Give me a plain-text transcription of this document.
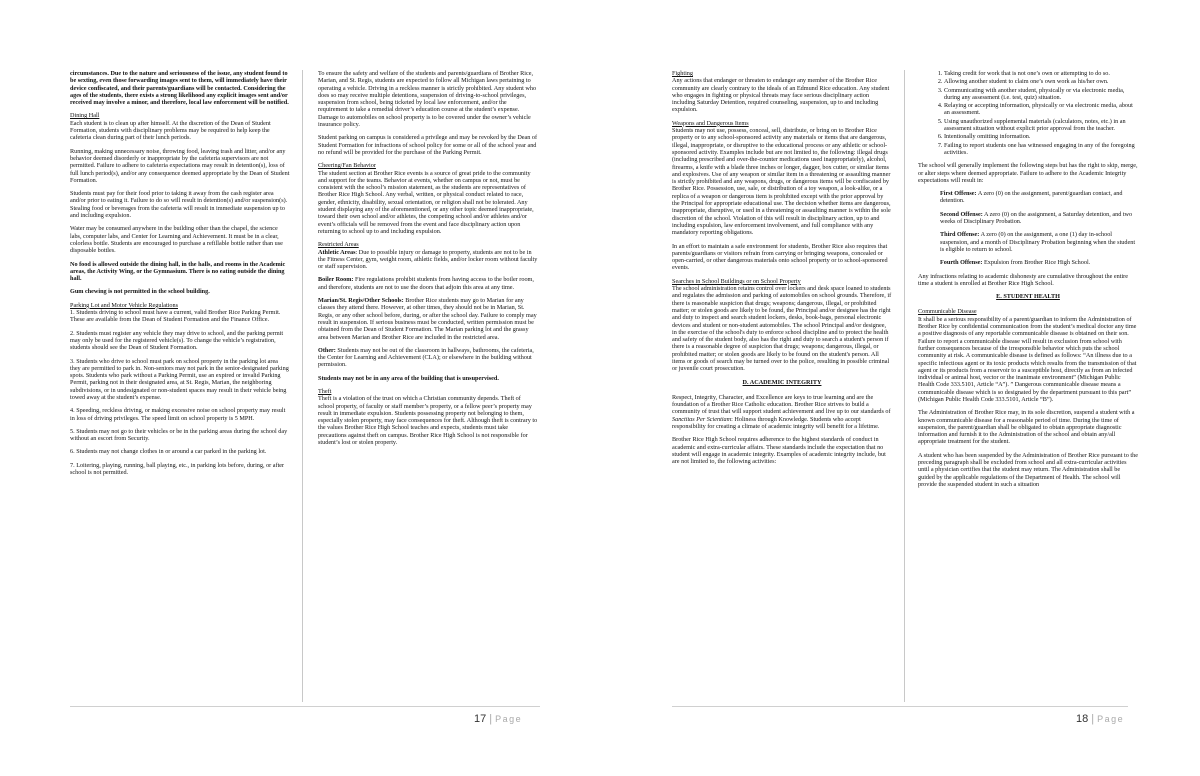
circumstances. Due to the nature and seriousness of the issue, any student found to be sexting, even those forwarding images sent to them, will immediately have their device confiscated, and their parents/guardians will be contacted. Considering the ages of the students, there exists a strong likelihood any explicit images sent and/or received may involve a minor, and therefore, local law enforcement will be notified.

Dining Hall
Each student is to clean up after himself. At the discretion of the Dean of Student Formation, students with disciplinary problems may be required to help keep the cafeteria clean during part of their lunch periods.

Running, making unnecessary noise, throwing food, leaving trash and litter, and/or any behavior deemed disorderly or inappropriate by the cafeteria supervisors are not permitted. Failure to adhere to cafeteria expectations may result in detention(s), loss of full lunch period(s), and/or any consequence deemed appropriate by the Dean of Student Formation.

Students must pay for their food prior to taking it away from the cash register area and/or prior to eating it. Failure to do so will result in detention(s) and/or suspension(s). Stealing food or beverages from the cafeteria will result in immediate suspension up to and including expulsion.

Water may be consumed anywhere in the building other than the chapel, the science labs, computer labs, and Center for Learning and Achievement. It must be in a clear, colorless bottle. Students are encouraged to purchase a refillable bottle rather than use disposable bottles.

No food is allowed outside the dining hall, in the halls, and rooms in the Academic areas, the Activity Wing, or the Gymnasium. There is no eating outside the dining hall.

Gum chewing is not permitted in the school building.

Parking Lot and Motor Vehicle Regulations
1. Students driving to school must have a current, valid Brother Rice Parking Permit. These are available from the Dean of Student Formation and the Finance Office.

2. Students must register any vehicle they may drive to school, and the parking permit may only be used for the registered vehicle(s). To change the vehicle’s registration, students should see the Dean of Student Formation.

3. Students who drive to school must park on school property in the parking lot area they are permitted to park in. Non-seniors may not park in the senior-designated parking spots. Students who park without a Parking Permit, use an expired or invalid Parking Permit, parking not in their designated area, at St. Regis, Marian, the neighboring subdivisions, or in undesignated or non-student spaces may result in their vehicle being towed away at the student’s expense.

4. Speeding, reckless driving, or making excessive noise on school property may result in loss of driving privileges. The speed limit on school property is 5 MPH.

5. Students may not go to their vehicles or be in the parking areas during the school day without an escort from Security.

6. Students may not change clothes in or around a car parked in the parking lot.

7. Loitering, playing, running, ball playing, etc., in parking lots before, during, or after school is not permitted.

To ensure the safety and welfare of the students and parents/guardians of Brother Rice, Marian, and St. Regis, students are expected to follow all Michigan laws pertaining to operating a vehicle. Driving in a reckless manner is strictly prohibited. Any student who does so may receive multiple detentions, suspension of driving-to-school privileges, suspension from school, being ticketed by local law enforcement, and/or the requirement to take a remedial driver’s education course at the student’s expense. Damage to automobiles on school property is to be covered under the owner’s vehicle insurance policy.

Student parking on campus is considered a privilege and may be revoked by the Dean of Student Formation for infractions of school policy for some or all of the school year and no refund will be provided for the purchase of the Parking Permit.

Cheering/Fan Behavior
The student section at Brother Rice events is a source of great pride to the community and support for the teams. Behavior at events, whether on campus or not, must be consistent with the school’s mission statement, as the students are representatives of Brother Rice High School. Any verbal, written, or physical conduct related to race, gender, ethnicity, disability, sexual orientation, or religion shall not be tolerated. Any student displaying any of the aforementioned, or any other topic deemed inappropriate, toward their own school and/or athletes, the competing school and/or athletes and/or event’s officials will be removed from the event and face disciplinary action upon returning to school up to and including expulsion.

Restricted Areas
Athletic Areas: Due to possible injury or damage to property, students are not to be in the Fitness Center, gym, weight room, athletic fields, and/or locker room without faculty or staff supervision.

Boiler Room: Fire regulations prohibit students from having access to the boiler room, and therefore, students are not to use the doors that adjoin this area at any time.

Marian/St. Regis/Other Schools: Brother Rice students may go to Marian for any classes they attend there. However, at other times, they should not be in Marian, St. Regis, or any other school before, during, or after the school day. Failure to comply may result in suspension. If serious business must be conducted, written permission must be obtained from the Dean of Student Formation. The Marian parking lot and the grassy area between Marian and Brother Rice are included in the restricted area.

Other: Students may not be out of the classroom in hallways, bathrooms, the cafeteria, the Center for Learning and Achievement (CLA); or elsewhere in the building without permission.

Students may not be in any area of the building that is unsupervised.

Theft
Theft is a violation of the trust on which a Christian community depends. Theft of school property, of faculty or staff member’s property, or a fellow peer’s property may result in immediate expulsion. Students possessing property not belonging to them, especially stolen property, may face consequences for theft. Although theft is contrary to the values Brother Rice High School teaches and expects, students must take precautions against theft on campus. Brother Rice High School is not responsible for student’s lost or stolen property.

17 | Page

Fighting
Any actions that endanger or threaten to endanger any member of the Brother Rice community are clearly contrary to the ideals of an Edmund Rice education. Any student who engages in fighting or physical threats may face serious disciplinary action including Saturday Detention, required counseling, suspension, up to and including expulsion.

Weapons and Dangerous Items
Students may not use, possess, conceal, sell, distribute, or bring on to Brother Rice property or to any school-sponsored activity any materials or items that are dangerous, illegal, inappropriate, or disruptive to the educational process or any athletic or school-sponsored activity. Examples include but are not limited to, the following: illegal drugs (including prescribed and over-the-counter medications used inappropriately), alcohol, firearms, a knife with a blade three inches or longer, dagger, box cutter, or similar items and explosives. Use of any weapon or similar item in a threatening or assaulting manner is strictly prohibited and any weapons, drugs, or dangerous items will be confiscated by Brother Rice. Possession, use, sale, or distribution of a toy weapon, a look-alike, or a replica of a weapon or dangerous item is prohibited except with the prior approval by the Principal for appropriate educational use. The decision whether items are dangerous, inappropriate, disruptive, or used in a threatening or assaulting manner is within the sole discretion of the school. Violation of this will result in disciplinary action, up to and including expulsion, law enforcement involvement, and full compliance with any mandatory reporting obligations.

In an effort to maintain a safe environment for students, Brother Rice also requires that parents/guardians or visitors refrain from carrying or bringing weapons, concealed or open-carried, or other dangerous materials onto school property or to school-sponsored events.

Searches in School Buildings or on School Property
The school administration retains control over lockers and desk space loaned to students and regulates the admission and parking of automobiles on school grounds. Therefore, if there is reasonable suspicion that drugs; weapons; dangerous, illegal, or prohibited matter; or stolen goods are likely to be found, the Principal and/or designee has the right and duty to inspect and search student lockers, desks, book-bags, personal electronic devices and student or non-student automobiles. The school Principal and/or designee, in the exercise of the school's duty to enforce school discipline and to protect the health and safety of the student body, also has the right and duty to search a student's person if there is a reasonable degree of suspicion that drugs; weapons; dangerous, illegal, or prohibited matter; or stolen goods are likely to be found on the student's person. All items or goods of search may be turned over to the police, resulting in possible criminal or juvenile court prosecution.

D. ACADEMIC INTEGRITY

Respect, Integrity, Character, and Excellence are keys to true learning and are the foundation of a Brother Rice Catholic education. Brother Rice strives to build a community of trust that will support student achievement and live up to our standards of Sanctitas Per Scientiam: Holiness through Knowledge. Students who accept responsibility for creating a climate of academic integrity will benefit for a lifetime.

Brother Rice High School requires adherence to the highest standards of conduct in academic and extra-curricular affairs. These standards include the expectation that no student will engage in academic integrity. Examples of academic integrity include, but are not limited to, the following activities:

1. Taking credit for work that is not one’s own or attempting to do so.
2. Allowing another student to claim one’s own work as his/her own.
3. Communicating with another student, physically or via electronic media, during any assessment (i.e. test, quiz) situation.
4. Relaying or accepting information, physically or via electronic media, about an assessment.
5. Using unauthorized supplemental materials (calculators, notes, etc.) in an assessment situation without explicit prior approval from the teacher.
6. Intentionally omitting information.
7. Failing to report students one has witnessed engaging in any of the foregoing activities.

The school will generally implement the following steps but has the right to skip, merge, or alter steps where deemed appropriate. Failure to adhere to the Academic Integrity expectations will result in:

First Offense: A zero (0) on the assignment, parent/guardian contact, and detention.

Second Offense: A zero (0) on the assignment, a Saturday detention, and two weeks of Disciplinary Probation.

Third Offense: A zero (0) on the assignment, a one (1) day in-school suspension, and a month of Disciplinary Probation beginning when the student is eligible to return to school.

Fourth Offense: Expulsion from Brother Rice High School.

Any infractions relating to academic dishonesty are cumulative throughout the entire time a student is enrolled at Brother Rice High School.

E. STUDENT HEALTH

Communicable Disease
It shall be a serious responsibility of a parent/guardian to inform the Administration of Brother Rice by confidential communication from the student’s medical doctor any time a positive diagnosis of any reportable communicable disease is obtained on their son. Failure to report a communicable disease will result in exclusion from school with further consequences because of the irresponsible behavior which puts the school community at risk. A communicable disease is defined as follows: “An illness due to a specific infectious agent or its toxic products which results from the transmission of that agent or its products from a reservoir to a susceptible host, directly as from an infected individual or animal host, vector or the inanimate environment” (Michigan Public Health Code 333.5101, Article “A”). ” Dangerous communicable disease means a communicable disease which is so designated by the department pursuant to this part” (Michigan Public Health Code 333.5101, Article “B”).

The Administration of Brother Rice may, in its sole discretion, suspend a student with a known communicable disease for a reasonable period of time. During the time of suspension, the parent/guardian shall be obligated to obtain appropriate diagnostic information and furnish it to the Administration of the school and obtain any/all appropriate treatment for the student.

A student who has been suspended by the Administration of Brother Rice pursuant to the preceding paragraph shall be excluded from school and all extra-curricular activities until a physician certifies that the student may return. The Administration shall be guided by the applicable regulations of the Department of Health. The school will provide the suspended student in such a situation

18 | Page
